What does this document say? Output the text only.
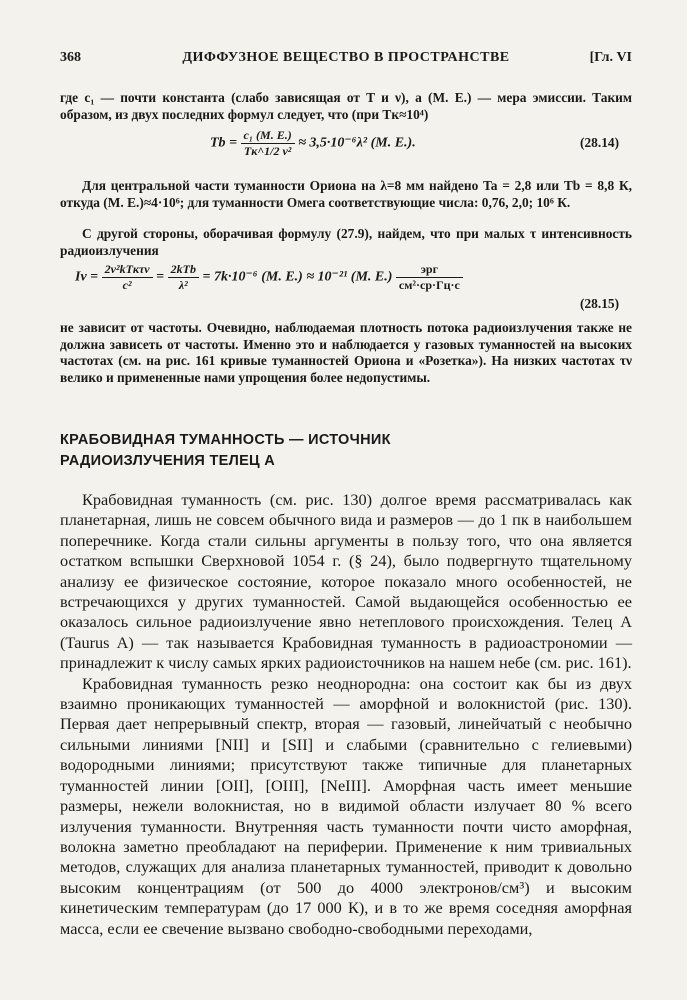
368	ДИФФУЗНОЕ ВЕЩЕСТВО В ПРОСТРАНСТВЕ	[Гл. VI

где c₁ — почти константа (слабо зависящая от T и ν), а (M. E.) — мера эмиссии. Таким образом, из двух последних формул следует, что (при Tк≈10⁴)

$Tb = \frac{\text{c₁ (M. E.)}}{\text{Tк\textasciicircum{}1/2 ν²}} \approx 3,5\cdot 10^{-6}\lambda^2$ (M. E.).	(28.14)

Для центральной части туманности Ориона на λ=8 мм найдено Ta = 2,8 или Tb = 8,8 К, откуда (M. E.)≈4·10⁶; для туманности Омега соответствующие числа: 0,76, 2,0; 10⁶ К.

С другой стороны, оборачивая формулу (27.9), найдем, что при малых τ интенсивность радиоизлучения

$I\nu = \frac{\text{2ν²kTкτν}}{\text{c²}} = \frac{\text{2kTb}}{\text{λ²}} = 7k\cdot 10^{-6}$ (M. E.) ≈ 10⁻²¹ (M. $E.) \frac{\text{эрг}}{\text{см²·ср·Гц·с}}$
(28.15)

не зависит от частоты. Очевидно, наблюдаемая плотность потока радиоизлучения также не должна зависеть от частоты. Именно это и наблюдается у газовых туманностей на высоких частотах (см. на рис. 161 кривые туманностей Ориона и «Розетка»). На низких частотах τν велико и примененные нами упрощения более недопустимы.

КРАБОВИДНАЯ ТУМАННОСТЬ — ИСТОЧНИК
РАДИОИЗЛУЧЕНИЯ ТЕЛЕЦ А

Крабовидная туманность (см. рис. 130) долгое время рассматривалась как планетарная, лишь не совсем обычного вида и размеров — до 1 пк в наибольшем поперечнике. Когда стали сильны аргументы в пользу того, что она является остатком вспышки Сверхновой 1054 г. (§ 24), было подвергнуто тщательному анализу ее физическое состояние, которое показало много особенностей, не встречающихся у других туманностей. Самой выдающейся особенностью ее оказалось сильное радиоизлучение явно нетеплового происхождения. Телец А (Taurus A) — так называется Крабовидная туманность в радиоастрономии — принадлежит к числу самых ярких радиоисточников на нашем небе (см. рис. 161).

Крабовидная туманность резко неоднородна: она состоит как бы из двух взаимно проникающих туманностей — аморфной и волокнистой (рис. 130). Первая дает непрерывный спектр, вторая — газовый, линейчатый с необычно сильными линиями [NII] и [SII] и слабыми (сравнительно с гелиевыми) водородными линиями; присутствуют также типичные для планетарных туманностей линии [OII], [OIII], [NeIII]. Аморфная часть имеет меньшие размеры, нежели волокнистая, но в видимой области излучает 80 % всего излучения туманности. Внутренняя часть туманности почти чисто аморфная, волокна заметно преобладают на периферии. Применение к ним тривиальных методов, служащих для анализа планетарных туманностей, приводит к довольно высоким концентрациям (от 500 до 4000 электронов/см³) и высоким кинетическим температурам (до 17 000 К), и в то же время соседняя аморфная масса, если ее свечение вызвано свободно-свободными переходами,
